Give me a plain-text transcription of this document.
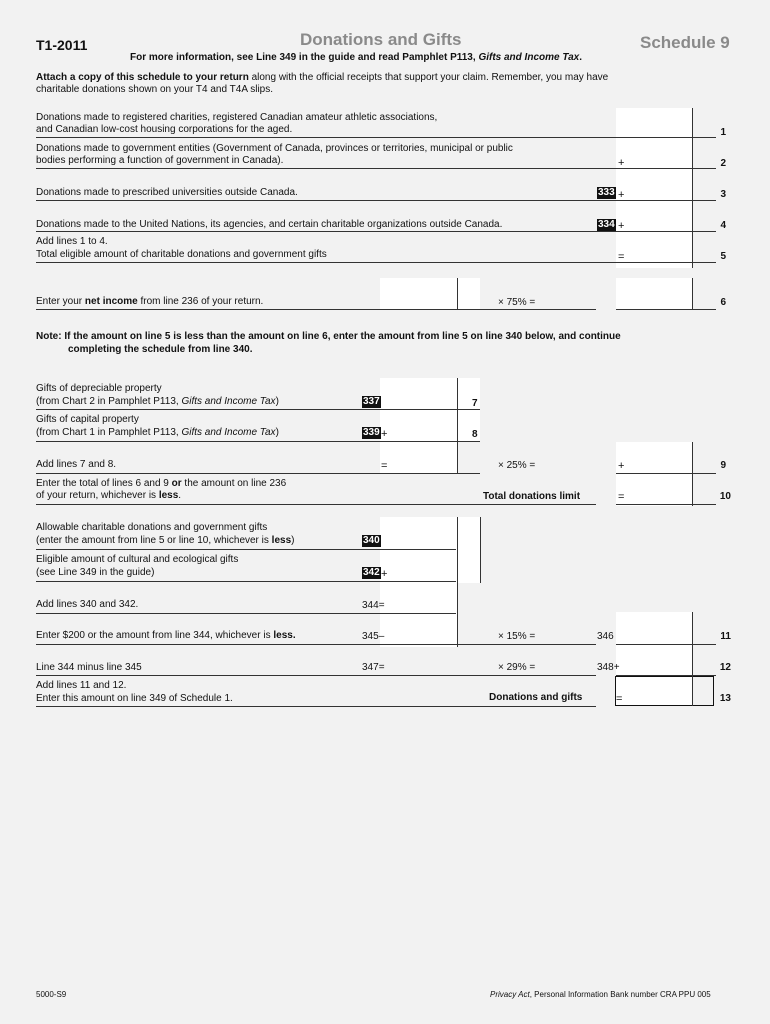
T1-2011	Donations and Gifts	Schedule 9
For more information, see Line 349 in the guide and read Pamphlet P113, Gifts and Income Tax.
Attach a copy of this schedule to your return along with the official receipts that support your claim. Remember, you may have
charitable donations shown on your T4 and T4A slips.
Donations made to registered charities, registered Canadian amateur athletic associations,
and Canadian low-cost housing corporations for the aged.	1
Donations made to government entities (Government of Canada, provinces or territories, municipal or public
bodies performing a function of government in Canada).	+	2
Donations made to prescribed universities outside Canada.	333 +	3
Donations made to the United Nations, its agencies, and certain charitable organizations outside Canada.	334 +	4
Add lines 1 to 4.
Total eligible amount of charitable donations and government gifts	=	5
Enter your net income from line 236 of your return.	× 75% =	6
Note: If the amount on line 5 is less than the amount on line 6, enter the amount from line 5 on line 340 below, and continue
completing the schedule from line 340.
Gifts of depreciable property
(from Chart 2 in Pamphlet P113, Gifts and Income Tax)	337	7
Gifts of capital property
(from Chart 1 in Pamphlet P113, Gifts and Income Tax)	339 +	8
Add lines 7 and 8.	=	× 25% =	+	9
Enter the total of lines 6 and 9 or the amount on line 236
of your return, whichever is less.	Total donations limit	=	10
Allowable charitable donations and government gifts
(enter the amount from line 5 or line 10, whichever is less)	340
Eligible amount of cultural and ecological gifts
(see Line 349 in the guide)	342 +
Add lines 340 and 342.	344=
Enter $200 or the amount from line 344, whichever is less.	345–	× 15% =	346	11
Line 344 minus line 345	347=	× 29% =	348+	12
Add lines 11 and 12.
Enter this amount on line 349 of Schedule 1.	Donations and gifts	=	13
5000-S9	Privacy Act, Personal Information Bank number CRA PPU 005
